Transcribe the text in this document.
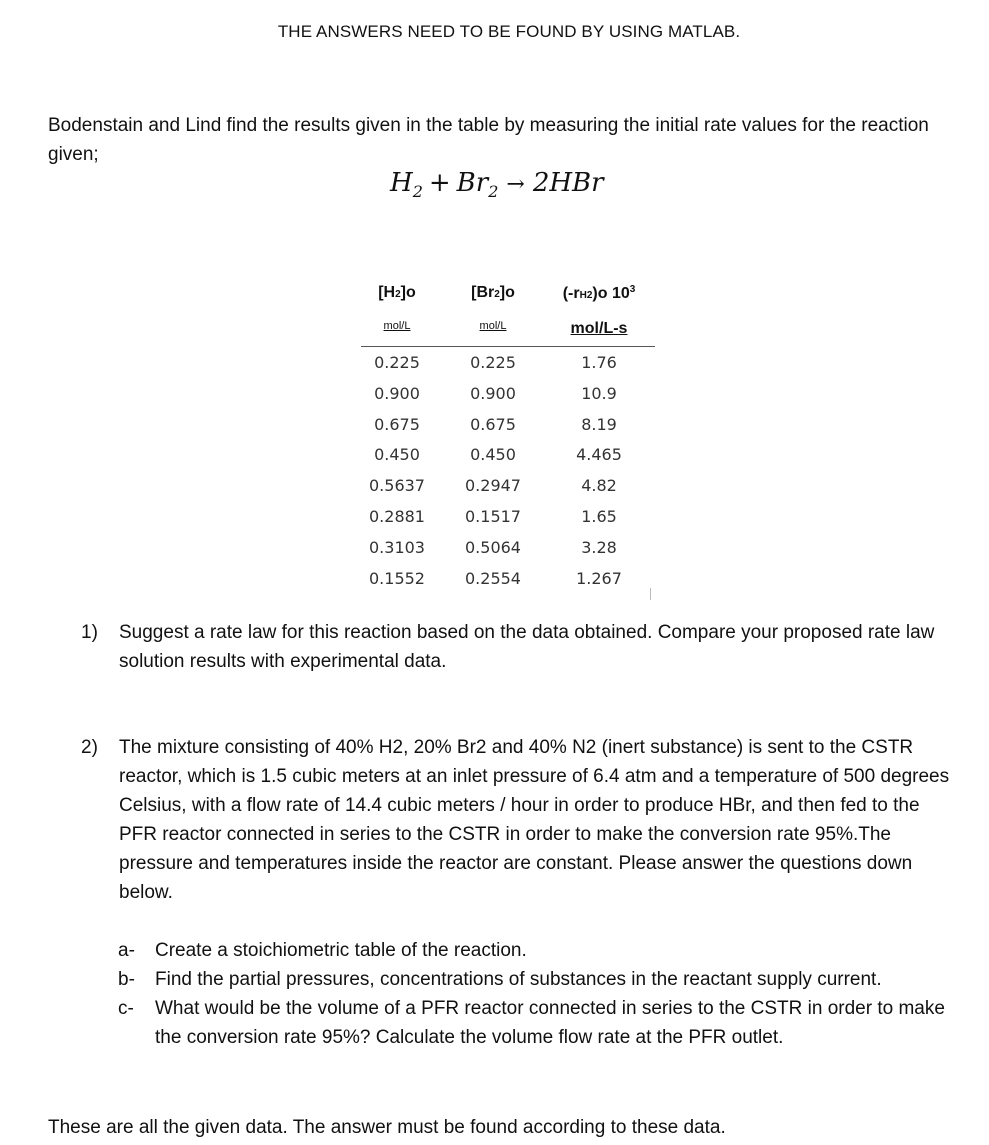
THE ANSWERS NEED TO BE FOUND BY USING MATLAB.
Bodenstain and Lind find the results given in the table by measuring the initial rate values for the reaction given;
$H_2 + Br_2 \to 2HBr$
[H2]o	[Br2]o	(-rH2)o $10^3$
mol/L	mol/L	mol/L-s
0.225	0.225	1.76
0.900	0.900	10.9
0.675	0.675	8.19
0.450	0.450	4.465
0.5637	0.2947	4.82
0.2881	0.1517	1.65
0.3103	0.5064	3.28
0.1552	0.2554	1.267
1) Suggest a rate law for this reaction based on the data obtained. Compare your proposed rate law solution results with experimental data.
2) The mixture consisting of 40% H2, 20% Br2 and 40% N2 (inert substance) is sent to the CSTR reactor, which is 1.5 cubic meters at an inlet pressure of 6.4 atm and a temperature of 500 degrees Celsius, with a flow rate of 14.4 cubic meters / hour in order to produce HBr, and then fed to the PFR reactor connected in series to the CSTR in order to make the conversion rate 95%.The pressure and temperatures inside the reactor are constant. Please answer the questions down below.
a- Create a stoichiometric table of the reaction.
b- Find the partial pressures, concentrations of substances in the reactant supply current.
c- What would be the volume of a PFR reactor connected in series to the CSTR in order to make the conversion rate 95%? Calculate the volume flow rate at the PFR outlet.
These are all the given data. The answer must be found according to these data.
